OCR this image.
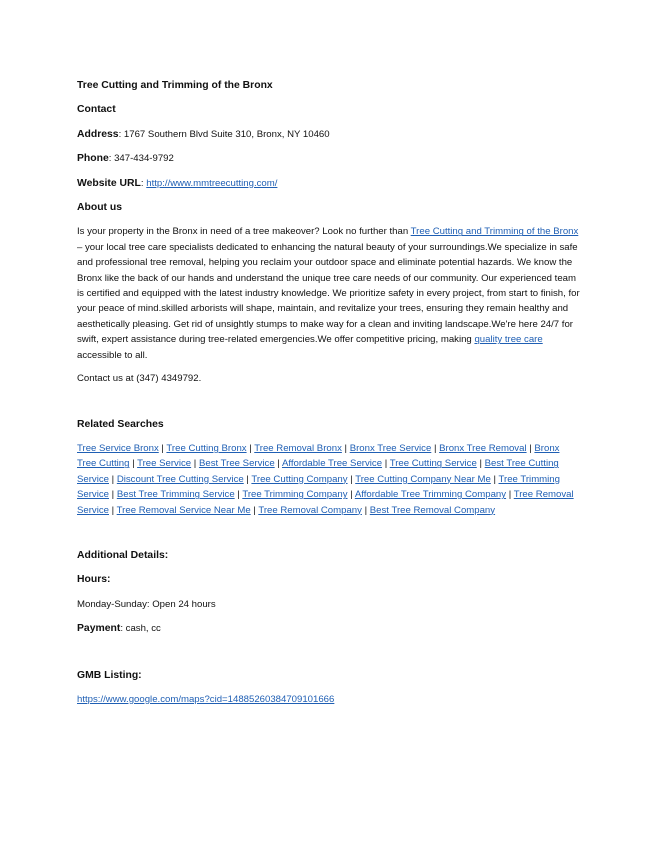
Tree Cutting and Trimming of the Bronx
Contact
Address: 1767 Southern Blvd Suite 310, Bronx, NY 10460
Phone: 347-434-9792
Website URL: http://www.mmtreecutting.com/
About us
Is your property in the Bronx in need of a tree makeover? Look no further than Tree Cutting and Trimming of the Bronx – your local tree care specialists dedicated to enhancing the natural beauty of your surroundings.We specialize in safe and professional tree removal, helping you reclaim your outdoor space and eliminate potential hazards. We know the Bronx like the back of our hands and understand the unique tree care needs of our community. Our experienced team is certified and equipped with the latest industry knowledge. We prioritize safety in every project, from start to finish, for your peace of mind.skilled arborists will shape, maintain, and revitalize your trees, ensuring they remain healthy and aesthetically pleasing. Get rid of unsightly stumps to make way for a clean and inviting landscape.We're here 24/7 for swift, expert assistance during tree-related emergencies.We offer competitive pricing, making quality tree care accessible to all.
Contact us at (347) 4349792.
Related Searches
Tree Service Bronx | Tree Cutting Bronx | Tree Removal Bronx | Bronx Tree Service | Bronx Tree Removal | Bronx Tree Cutting | Tree Service | Best Tree Service | Affordable Tree Service | Tree Cutting Service | Best Tree Cutting Service | Discount Tree Cutting Service | Tree Cutting Company | Tree Cutting Company Near Me | Tree Trimming Service | Best Tree Trimming Service | Tree Trimming Company | Affordable Tree Trimming Company | Tree Removal Service | Tree Removal Service Near Me | Tree Removal Company | Best Tree Removal Company
Additional Details:
Hours:
Monday-Sunday: Open 24 hours
Payment: cash, cc
GMB Listing:
https://www.google.com/maps?cid=14885260384709101666
